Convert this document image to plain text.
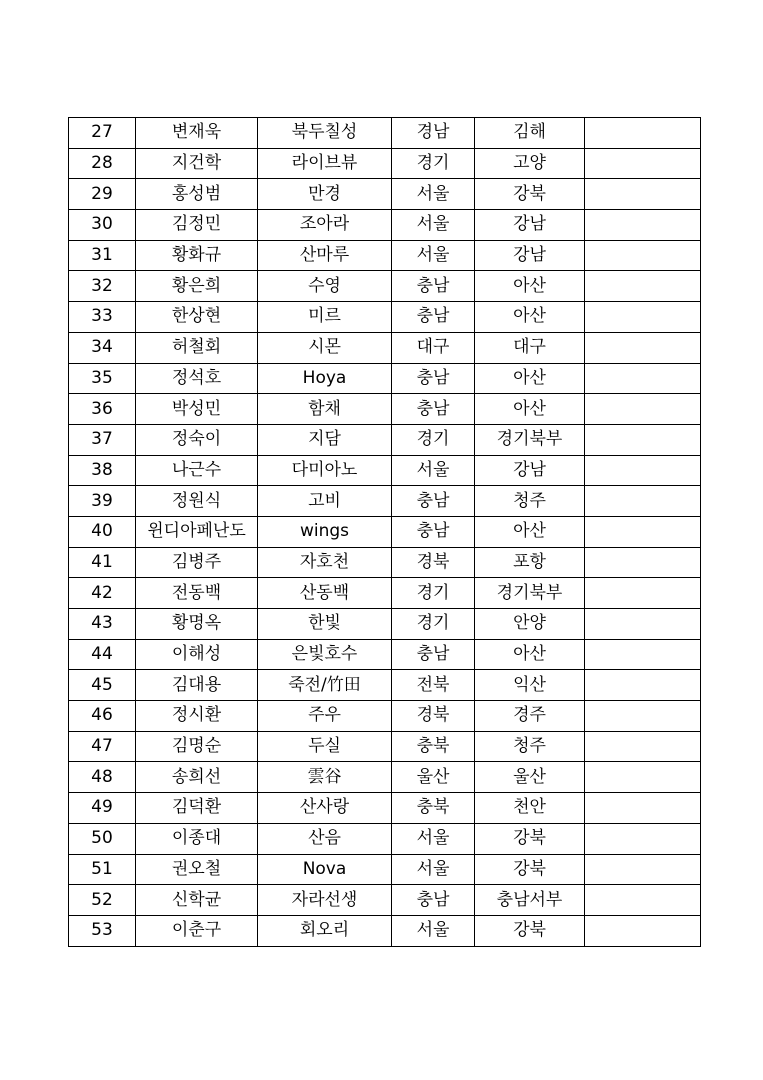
27	변재욱	북두칠성	경남	김해	
28	지건학	라이브뷰	경기	고양	
29	홍성범	만경	서울	강북	
30	김정민	조아라	서울	강남	
31	황화규	산마루	서울	강남	
32	황은희	수영	충남	아산	
33	한상현	미르	충남	아산	
34	허철회	시몬	대구	대구	
35	정석호	Hoya	충남	아산	
36	박성민	함채	충남	아산	
37	정숙이	지담	경기	경기북부	
38	나근수	다미아노	서울	강남	
39	정원식	고비	충남	청주	
40	윈디아페난도	wings	충남	아산	
41	김병주	자호천	경북	포항	
42	전동백	산동백	경기	경기북부	
43	황명옥	한빛	경기	안양	
44	이해성	은빛호수	충남	아산	
45	김대용	죽전/竹田	전북	익산	
46	정시환	주우	경북	경주	
47	김명순	두실	충북	청주	
48	송희선	雲谷	울산	울산	
49	김덕환	산사랑	충북	천안	
50	이종대	산음	서울	강북	
51	권오철	Nova	서울	강북	
52	신학균	자라선생	충남	충남서부	
53	이춘구	회오리	서울	강북	
